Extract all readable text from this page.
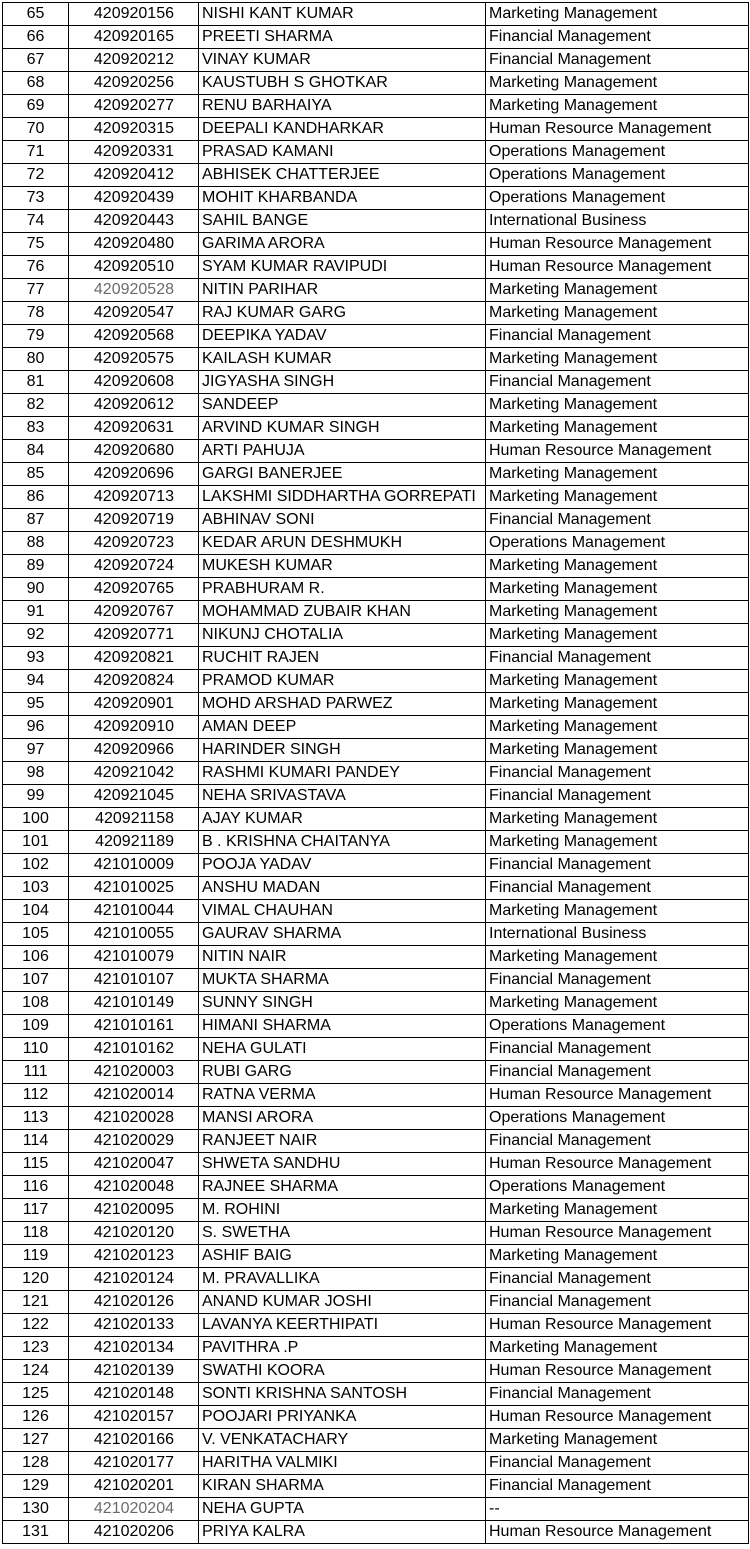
65	420920156	NISHI KANT KUMAR	Marketing Management
66	420920165	PREETI SHARMA	Financial Management
67	420920212	VINAY KUMAR	Financial Management
68	420920256	KAUSTUBH S GHOTKAR	Marketing Management
69	420920277	RENU BARHAIYA	Marketing Management
70	420920315	DEEPALI KANDHARKAR	Human Resource Management
71	420920331	PRASAD KAMANI	Operations Management
72	420920412	ABHISEK CHATTERJEE	Operations Management
73	420920439	MOHIT KHARBANDA	Operations Management
74	420920443	SAHIL BANGE	International Business
75	420920480	GARIMA ARORA	Human Resource Management
76	420920510	SYAM KUMAR RAVIPUDI	Human Resource Management
77	420920528	NITIN PARIHAR	Marketing Management
78	420920547	RAJ KUMAR GARG	Marketing Management
79	420920568	DEEPIKA YADAV	Financial Management
80	420920575	KAILASH KUMAR	Marketing Management
81	420920608	JIGYASHA SINGH	Financial Management
82	420920612	SANDEEP	Marketing Management
83	420920631	ARVIND KUMAR SINGH	Marketing Management
84	420920680	ARTI PAHUJA	Human Resource Management
85	420920696	GARGI BANERJEE	Marketing Management
86	420920713	LAKSHMI SIDDHARTHA GORREPATI	Marketing Management
87	420920719	ABHINAV SONI	Financial Management
88	420920723	KEDAR ARUN DESHMUKH	Operations Management
89	420920724	MUKESH KUMAR	Marketing Management
90	420920765	PRABHURAM R.	Marketing Management
91	420920767	MOHAMMAD ZUBAIR KHAN	Marketing Management
92	420920771	NIKUNJ CHOTALIA	Marketing Management
93	420920821	RUCHIT RAJEN	Financial Management
94	420920824	PRAMOD KUMAR	Marketing Management
95	420920901	MOHD ARSHAD PARWEZ	Marketing Management
96	420920910	AMAN DEEP	Marketing Management
97	420920966	HARINDER SINGH	Marketing Management
98	420921042	RASHMI KUMARI PANDEY	Financial Management
99	420921045	NEHA SRIVASTAVA	Financial Management
100	420921158	AJAY KUMAR	Marketing Management
101	420921189	B . KRISHNA CHAITANYA	Marketing Management
102	421010009	POOJA YADAV	Financial Management
103	421010025	ANSHU MADAN	Financial Management
104	421010044	VIMAL CHAUHAN	Marketing Management
105	421010055	GAURAV SHARMA	International Business
106	421010079	NITIN NAIR	Marketing Management
107	421010107	MUKTA SHARMA	Financial Management
108	421010149	SUNNY SINGH	Marketing Management
109	421010161	HIMANI SHARMA	Operations Management
110	421010162	NEHA GULATI	Financial Management
111	421020003	RUBI GARG	Financial Management
112	421020014	RATNA VERMA	Human Resource Management
113	421020028	MANSI ARORA	Operations Management
114	421020029	RANJEET NAIR	Financial Management
115	421020047	SHWETA SANDHU	Human Resource Management
116	421020048	RAJNEE SHARMA	Operations Management
117	421020095	M. ROHINI	Marketing Management
118	421020120	S. SWETHA	Human Resource Management
119	421020123	ASHIF BAIG	Marketing Management
120	421020124	M. PRAVALLIKA	Financial Management
121	421020126	ANAND KUMAR JOSHI	Financial Management
122	421020133	LAVANYA KEERTHIPATI	Human Resource Management
123	421020134	PAVITHRA .P	Marketing Management
124	421020139	SWATHI KOORA	Human Resource Management
125	421020148	SONTI KRISHNA SANTOSH	Financial Management
126	421020157	POOJARI PRIYANKA	Human Resource Management
127	421020166	V. VENKATACHARY	Marketing Management
128	421020177	HARITHA VALMIKI	Financial Management
129	421020201	KIRAN SHARMA	Financial Management
130	421020204	NEHA GUPTA	--
131	421020206	PRIYA KALRA	Human Resource Management
